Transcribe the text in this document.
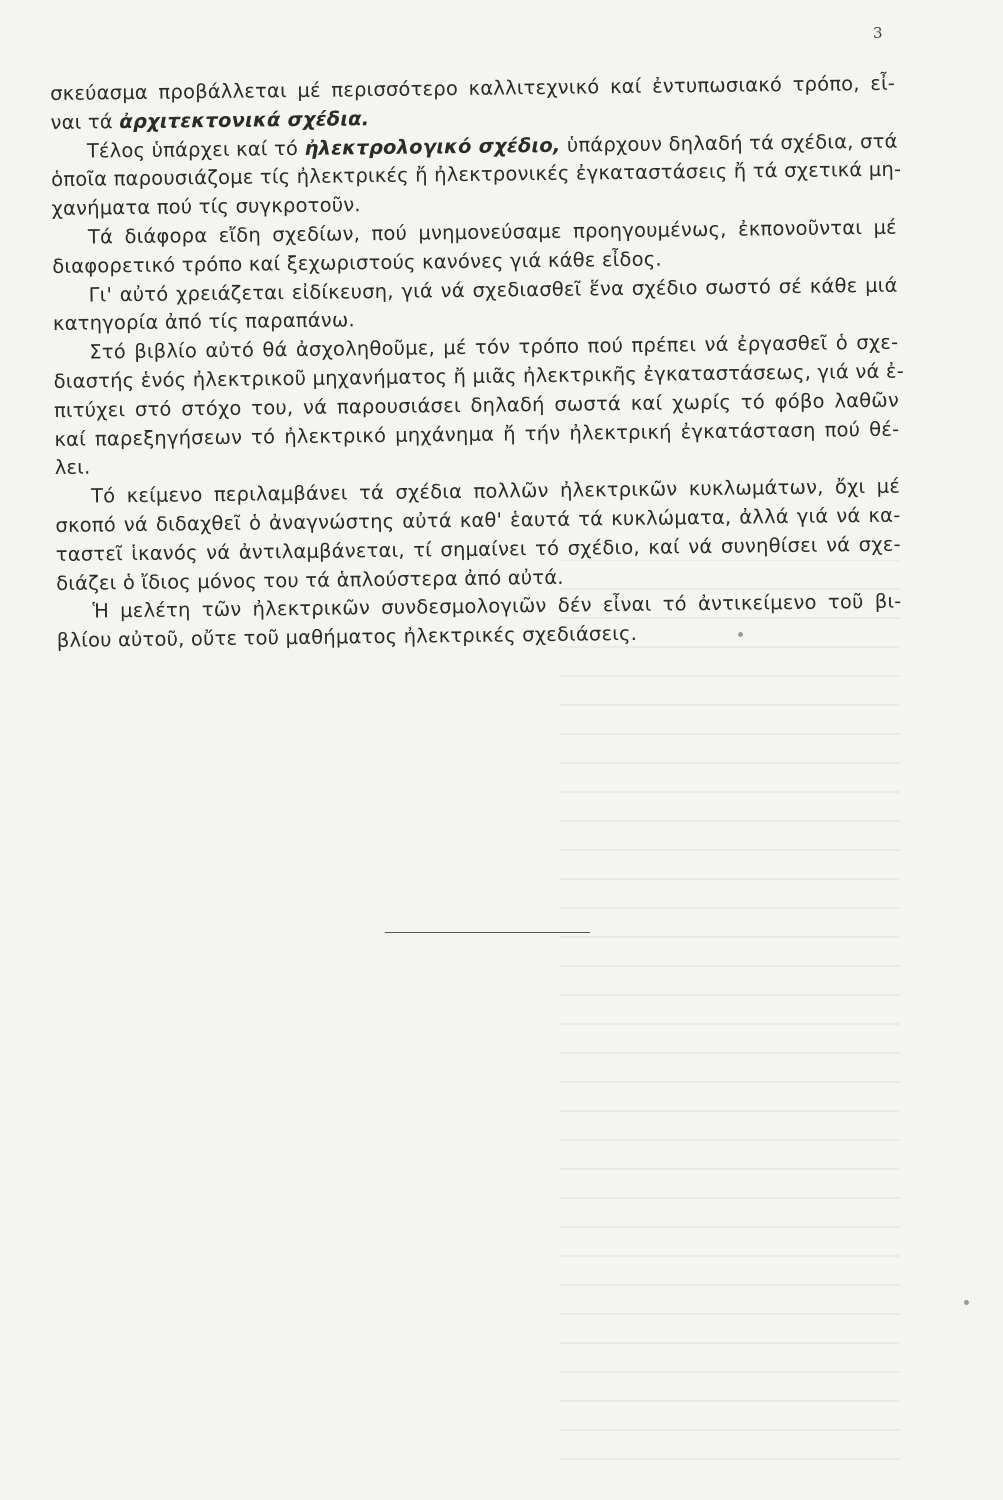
3
σκεύασμα προβάλλεται μέ περισσότερο καλλιτεχνικό καί ἐντυπωσιακό τρόπο, εἶ-
ναι τά ἀρχιτεκτονικά σχέδια.
Τέλος ὑπάρχει καί τό ἠλεκτρολογικό σχέδιο, ὑπάρχουν δηλαδή τά σχέδια, στά
ὁποῖα παρουσιάζομε τίς ἠλεκτρικές ἤ ἠλεκτρονικές ἐγκαταστάσεις ἤ τά σχετικά μη-
χανήματα πού τίς συγκροτοῦν.
Τά διάφορα εἴδη σχεδίων, πού μνημονεύσαμε προηγουμένως, ἐκπονοῦνται μέ
διαφορετικό τρόπο καί ξεχωριστούς κανόνες γιά κάθε εἶδος.
Γι' αὐτό χρειάζεται εἰδίκευση, γιά νά σχεδιασθεῖ ἕνα σχέδιο σωστό σέ κάθε μιά
κατηγορία ἀπό τίς παραπάνω.
Στό βιβλίο αὐτό θά ἀσχοληθοῦμε, μέ τόν τρόπο πού πρέπει νά ἐργασθεῖ ὁ σχε-
διαστής ἑνός ἠλεκτρικοῦ μηχανήματος ἤ μιᾶς ἠλεκτρικῆς ἐγκαταστάσεως, γιά νά ἐ-
πιτύχει στό στόχο του, νά παρουσιάσει δηλαδή σωστά καί χωρίς τό φόβο λαθῶν
καί παρεξηγήσεων τό ἠλεκτρικό μηχάνημα ἤ τήν ἠλεκτρική ἐγκατάσταση πού θέ-
λει.
Τό κείμενο περιλαμβάνει τά σχέδια πολλῶν ἠλεκτρικῶν κυκλωμάτων, ὄχι μέ
σκοπό νά διδαχθεῖ ὁ ἀναγνώστης αὐτά καθ' ἑαυτά τά κυκλώματα, ἀλλά γιά νά κα-
ταστεῖ ἱκανός νά ἀντιλαμβάνεται, τί σημαίνει τό σχέδιο, καί νά συνηθίσει νά σχε-
διάζει ὁ ἴδιος μόνος του τά ἁπλούστερα ἀπό αὐτά.
Ἡ μελέτη τῶν ἠλεκτρικῶν συνδεσμολογιῶν δέν εἶναι τό ἀντικείμενο τοῦ βι-
βλίου αὐτοῦ, οὔτε τοῦ μαθήματος ἠλεκτρικές σχεδιάσεις.
